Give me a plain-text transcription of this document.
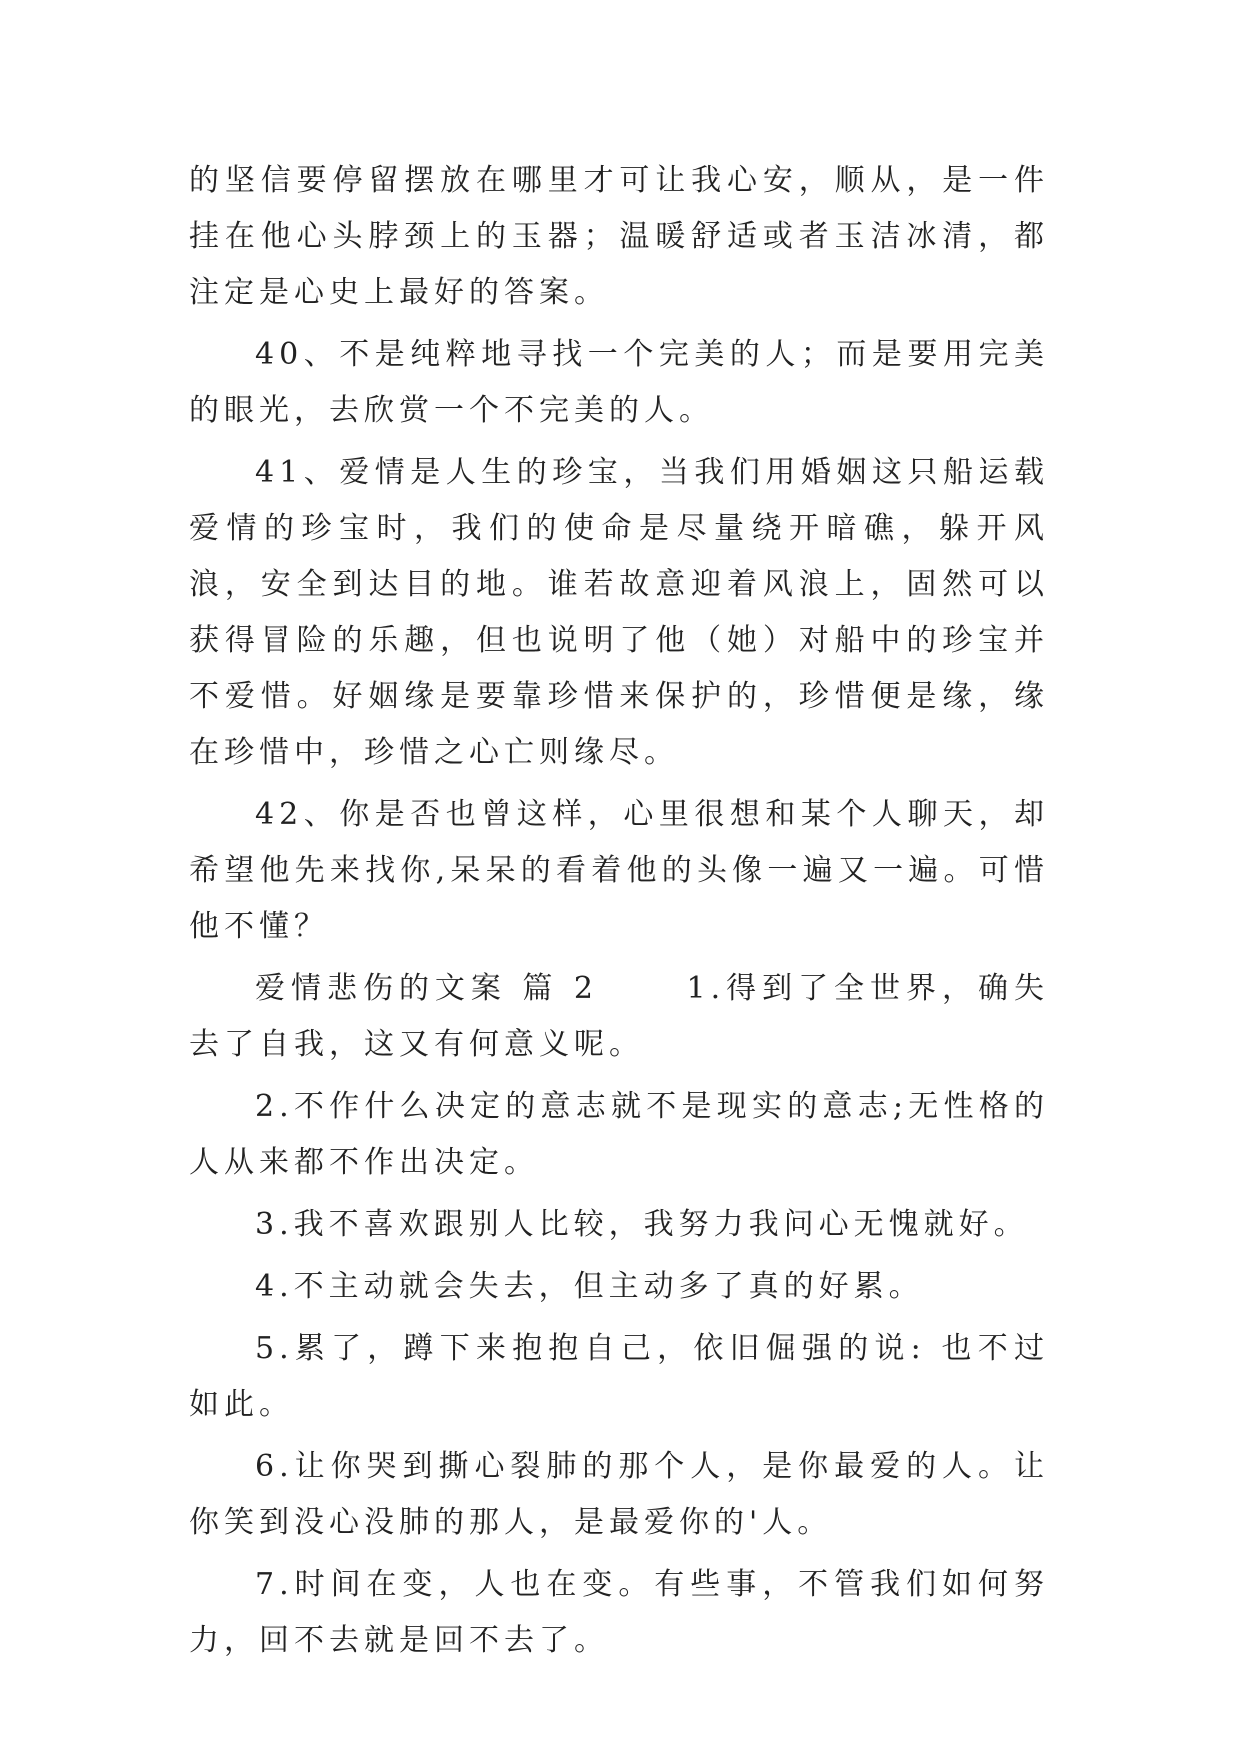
的坚信要停留摆放在哪里才可让我心安，顺从，是一件挂在他心头脖颈上的玉器；温暖舒适或者玉洁冰清，都注定是心史上最好的答案。

40、不是纯粹地寻找一个完美的人；而是要用完美的眼光，去欣赏一个不完美的人。

41、爱情是人生的珍宝，当我们用婚姻这只船运载爱情的珍宝时，我们的使命是尽量绕开暗礁，躲开风浪，安全到达目的地。谁若故意迎着风浪上，固然可以获得冒险的乐趣，但也说明了他（她）对船中的珍宝并不爱惜。好姻缘是要靠珍惜来保护的，珍惜便是缘，缘在珍惜中，珍惜之心亡则缘尽。

42、你是否也曾这样，心里很想和某个人聊天，却希望他先来找你,呆呆的看着他的头像一遍又一遍。可惜他不懂？

爱情悲伤的文案 篇 2　　 1.得到了全世界，确失去了自我，这又有何意义呢。

2.不作什么决定的意志就不是现实的意志;无性格的人从来都不作出决定。

3.我不喜欢跟别人比较，我努力我问心无愧就好。

4.不主动就会失去，但主动多了真的好累。

5.累了，蹲下来抱抱自己，依旧倔强的说: 也不过如此。

6.让你哭到撕心裂肺的那个人，是你最爱的人。让你笑到没心没肺的那人，是最爱你的'人。

7.时间在变，人也在变。有些事，不管我们如何努力，回不去就是回不去了。
